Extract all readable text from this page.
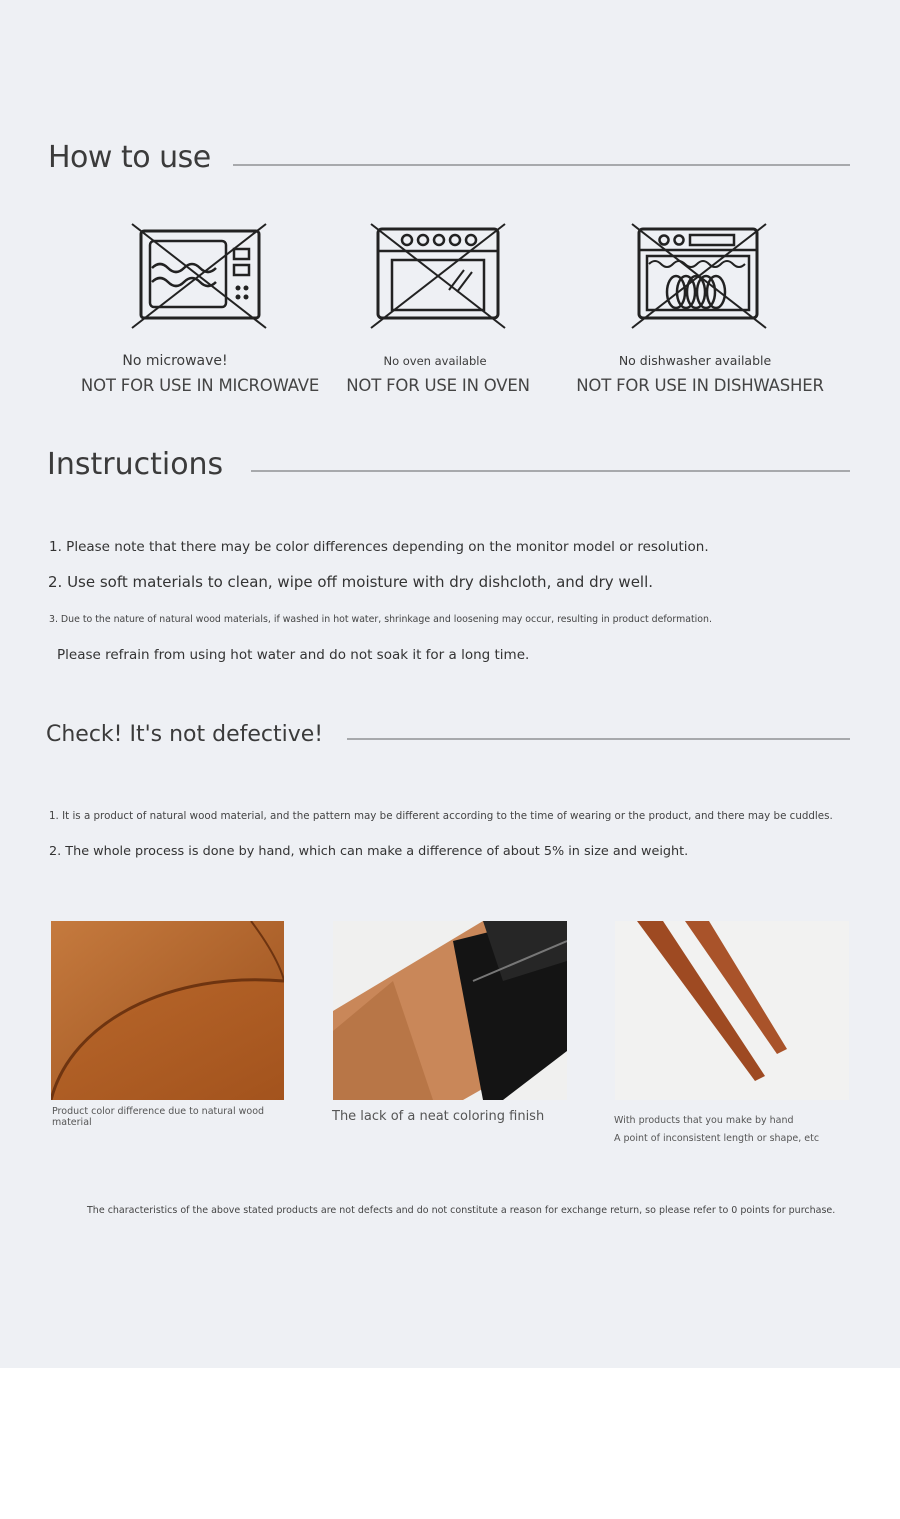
How to use
No microwave!
NOT FOR USE IN MICROWAVE
No oven available
NOT FOR USE IN OVEN
No dishwasher available
NOT FOR USE IN DISHWASHER
Instructions
1. Please note that there may be color differences depending on the monitor model or resolution.
2. Use soft materials to clean, wipe off moisture with dry dishcloth, and dry well.
3. Due to the nature of natural wood materials, if washed in hot water, shrinkage and loosening may occur, resulting in product deformation.
Please refrain from using hot water and do not soak it for a long time.
Check! It's not defective!
1. It is a product of natural wood material, and the pattern may be different according to the time of wearing or the product, and there may be cuddles.
2. The whole process is done by hand, which can make a difference of about 5% in size and weight.
Product color difference due to natural wood
material	The lack of a neat coloring finish	With products that you make by hand
A point of inconsistent length or shape, etc
The characteristics of the above stated products are not defects and do not constitute a reason for exchange return, so please refer to 0 points for purchase.
